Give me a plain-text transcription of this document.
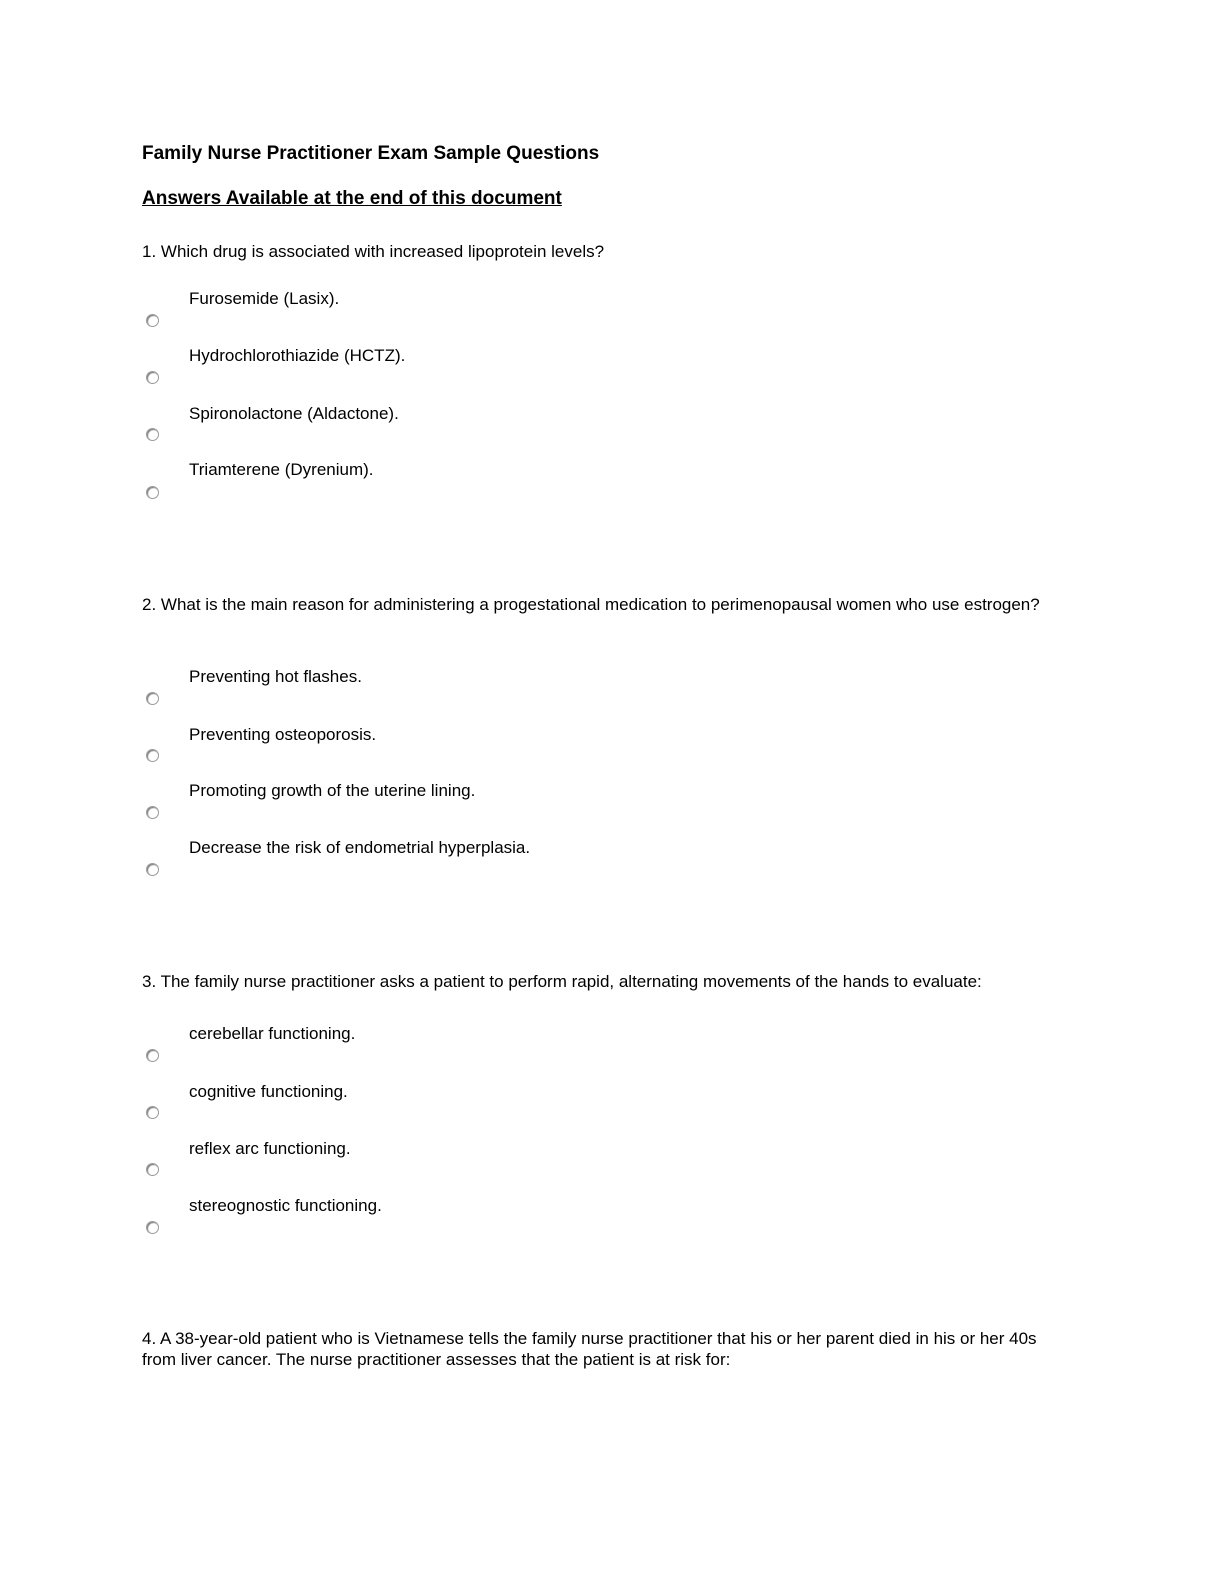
Family Nurse Practitioner Exam Sample Questions
Answers Available at the end of this document
1. Which drug is associated with increased lipoprotein levels?
Furosemide (Lasix).
Hydrochlorothiazide (HCTZ).
Spironolactone (Aldactone).
Triamterene (Dyrenium).
2. What is the main reason for administering a progestational medication to perimenopausal women who use estrogen?
Preventing hot flashes.
Preventing osteoporosis.
Promoting growth of the uterine lining.
Decrease the risk of endometrial hyperplasia.
3. The family nurse practitioner asks a patient to perform rapid, alternating movements of the hands to evaluate:
cerebellar functioning.
cognitive functioning.
reflex arc functioning.
stereognostic functioning.
4. A 38-year-old patient who is Vietnamese tells the family nurse practitioner that his or her parent died in his or her 40s from liver cancer. The nurse practitioner assesses that the patient is at risk for:
